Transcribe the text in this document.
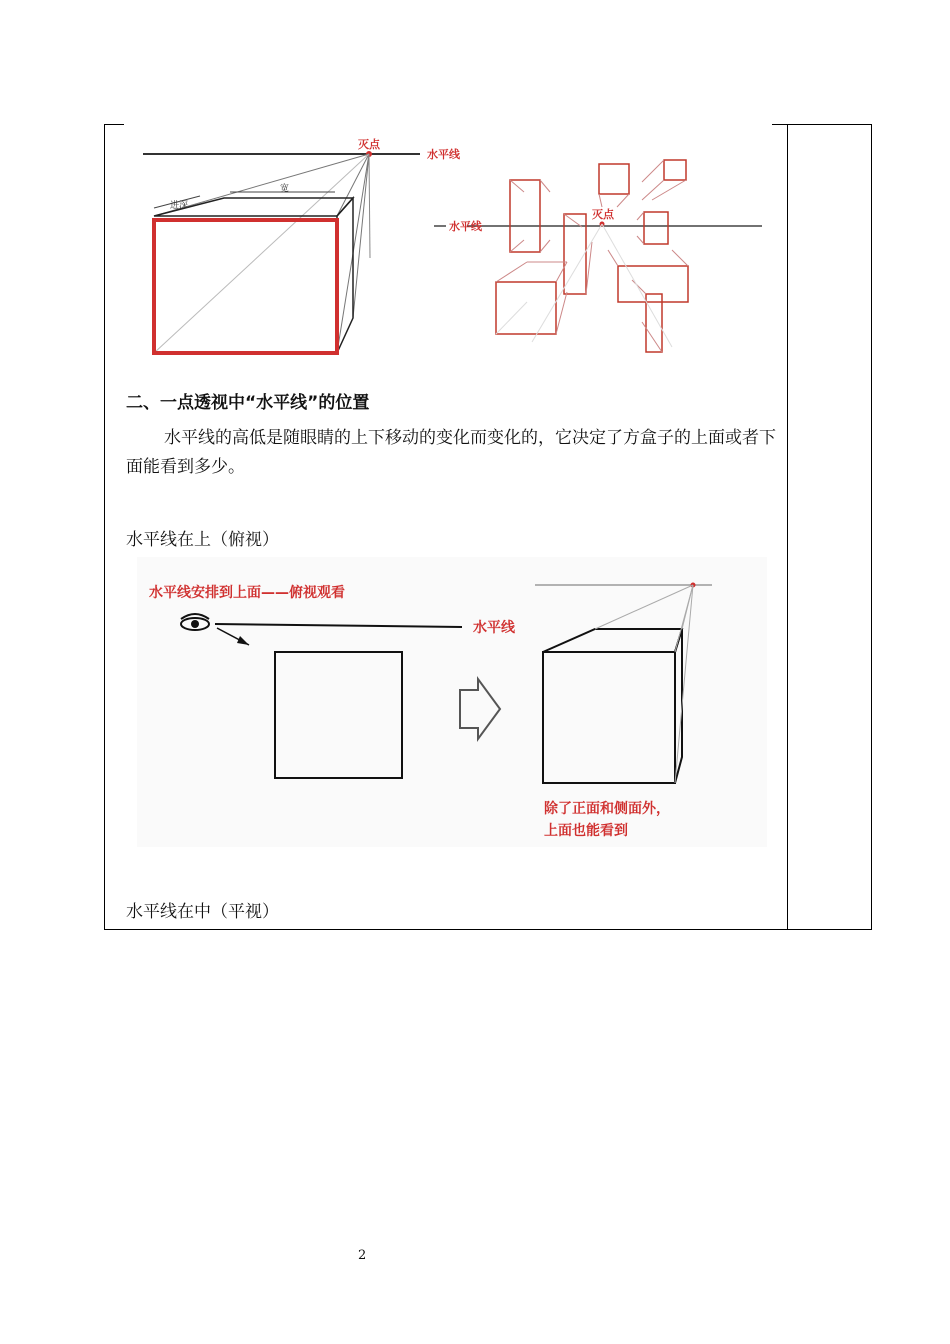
灭点
水平线
进深
宽
灭点
水平线
二、一点透视中“水平线”的位置
水平线的高低是随眼睛的上下移动的变化而变化的，它决定了方盒子的上面或者下面能看到多少。
水平线在上（俯视）
水平线安排到上面——俯视观看
水平线
除了正面和侧面外，
上面也能看到
水平线在中（平视）
2
